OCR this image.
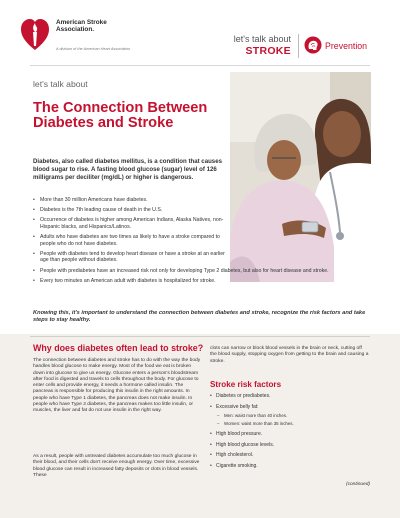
American Stroke Association.
A division of the American Heart Association
let's talk about
STROKE	Prevention
let's talk about
The Connection Between Diabetes and Stroke
Diabetes, also called diabetes mellitus, is a condition that causes blood sugar to rise. A fasting blood glucose (sugar) level of 126 milligrams per deciliter (mg/dL) or higher is dangerous.
• More than 30 million Americans have diabetes.
• Diabetes is the 7th leading cause of death in the U.S.
• Occurrence of diabetes is higher among American Indians, Alaska Natives, non-Hispanic blacks, and Hispanics/Latinos.
• Adults who have diabetes are two times as likely to have a stroke compared to people who do not have diabetes.
• People with diabetes tend to develop heart disease or have a stroke at an earlier age than people without diabetes.
• People with prediabetes have an increased risk not only for developing Type 2 diabetes, but also for heart disease and stroke.
• Every two minutes an American adult with diabetes is hospitalized for stroke.
Knowing this, it's important to understand the connection between diabetes and stroke, recognize the risk factors and take steps to stay healthy.
Why does diabetes often lead to stroke?
The connection between diabetes and stroke has to do with the way the body handles blood glucose to make energy. Most of the food we eat is broken down into glucose to give us energy. Glucose enters a person's bloodstream after food is digested and travels to cells throughout the body. For glucose to enter cells and provide energy, it needs a hormone called insulin. The pancreas is responsible for producing this insulin in the right amounts. In people who have Type 1 diabetes, the pancreas does not make insulin. In people who have Type 2 diabetes, the pancreas makes too little insulin, or muscles, the liver and fat do not use insulin in the right way.
As a result, people with untreated diabetes accumulate too much glucose in their blood, and their cells don't receive enough energy. Over time, excessive blood glucose can result in increased fatty deposits or clots in blood vessels. These
clots can narrow or block blood vessels in the brain or neck, cutting off the blood supply, stopping oxygen from getting to the brain and causing a stroke.
Stroke risk factors
• Diabetes or prediabetes.
• Excessive belly fat:
– Men: waist more than 40 inches.
– Women: waist more than 35 inches.
• High blood pressure.
• High blood glucose levels.
• High cholesterol.
• Cigarette smoking.
(continued)
